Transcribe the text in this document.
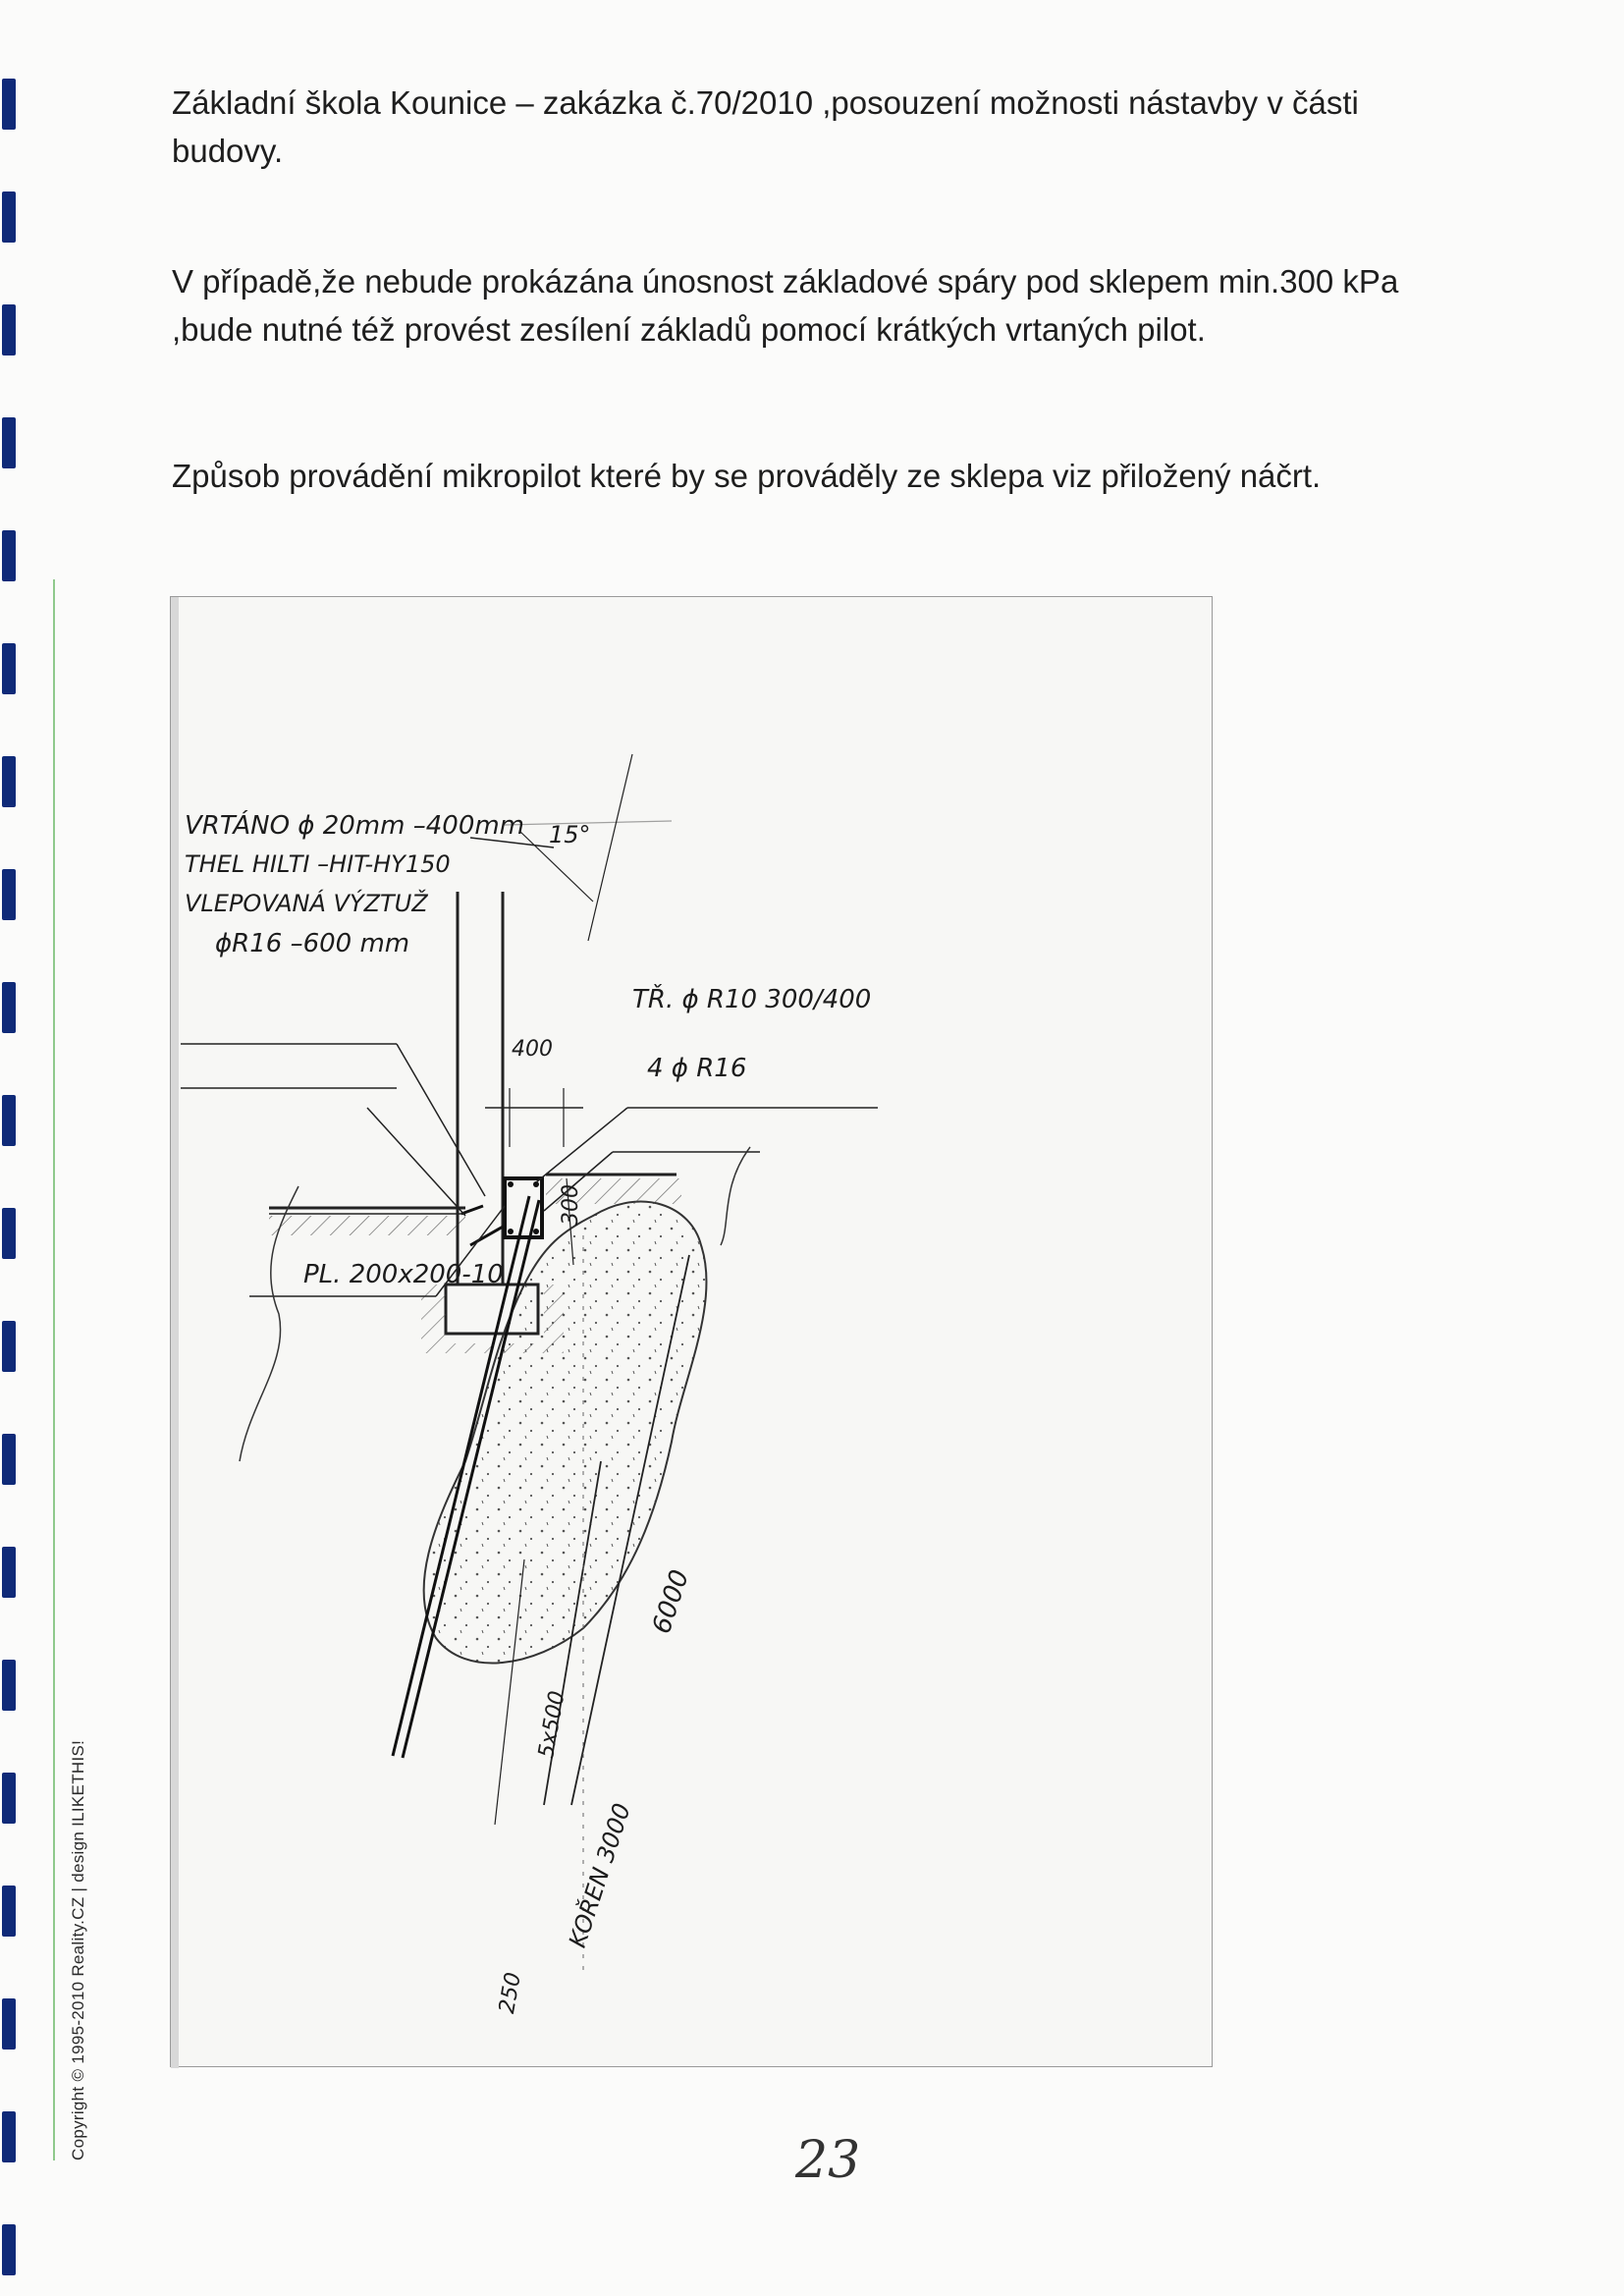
Základní škola Kounice – zakázka č.70/2010 ,posouzení možnosti nástavby v části budovy.
V případě,že nebude prokázána únosnost základové spáry pod sklepem min.300 kPa ,bude nutné též provést zesílení základů pomocí krátkých vrtaných pilot.
Způsob provádění mikropilot které by se prováděly ze sklepa viz přiložený náčrt.
Copyright © 1995-2010 Reality.CZ | design ILIKETHIS!
VRTÁNO ϕ 20mm –400mm
THEL HILTI –HIT-HY150
VLEPOVANÁ VÝZTUŽ
ϕR16 –600 mm
PL. 200x200-10
TŘ. ϕ R10 300/400
4 ϕ R16
15°
400
300
6000
KOŘEN 3000
5x500
250
23
